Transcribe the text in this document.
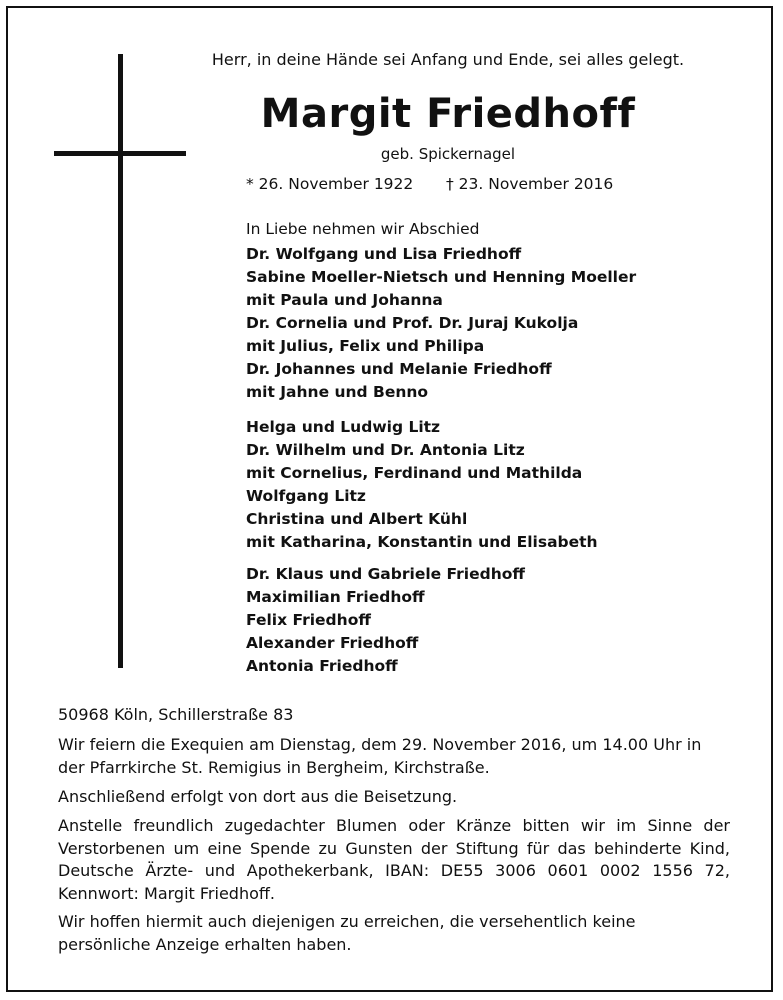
Herr, in deine Hände sei Anfang und Ende, sei alles gelegt.
Margit Friedhoff
geb. Spickernagel
* 26. November 1922 † 23. November 2016
In Liebe nehmen wir Abschied
Dr. Wolfgang und Lisa Friedhoff
Sabine Moeller-Nietsch und Henning Moeller
mit Paula und Johanna
Dr. Cornelia und Prof. Dr. Juraj Kukolja
mit Julius, Felix und Philipa
Dr. Johannes und Melanie Friedhoff
mit Jahne und Benno
Helga und Ludwig Litz
Dr. Wilhelm und Dr. Antonia Litz
mit Cornelius, Ferdinand und Mathilda
Wolfgang Litz
Christina und Albert Kühl
mit Katharina, Konstantin und Elisabeth
Dr. Klaus und Gabriele Friedhoff
Maximilian Friedhoff
Felix Friedhoff
Alexander Friedhoff
Antonia Friedhoff

50968 Köln, Schillerstraße 83

Wir feiern die Exequien am Dienstag, dem 29. November 2016, um 14.00 Uhr in der Pfarrkirche St. Remigius in Bergheim, Kirchstraße.

Anschließend erfolgt von dort aus die Beisetzung.

Anstelle freundlich zugedachter Blumen oder Kränze bitten wir im Sinne der Verstorbenen um eine Spende zu Gunsten der Stiftung für das behinderte Kind, Deutsche Ärzte- und Apothekerbank, IBAN: DE55 3006 0601 0002 1556 72, Kennwort: Margit Friedhoff.

Wir hoffen hiermit auch diejenigen zu erreichen, die versehentlich keine persönliche Anzeige erhalten haben.
